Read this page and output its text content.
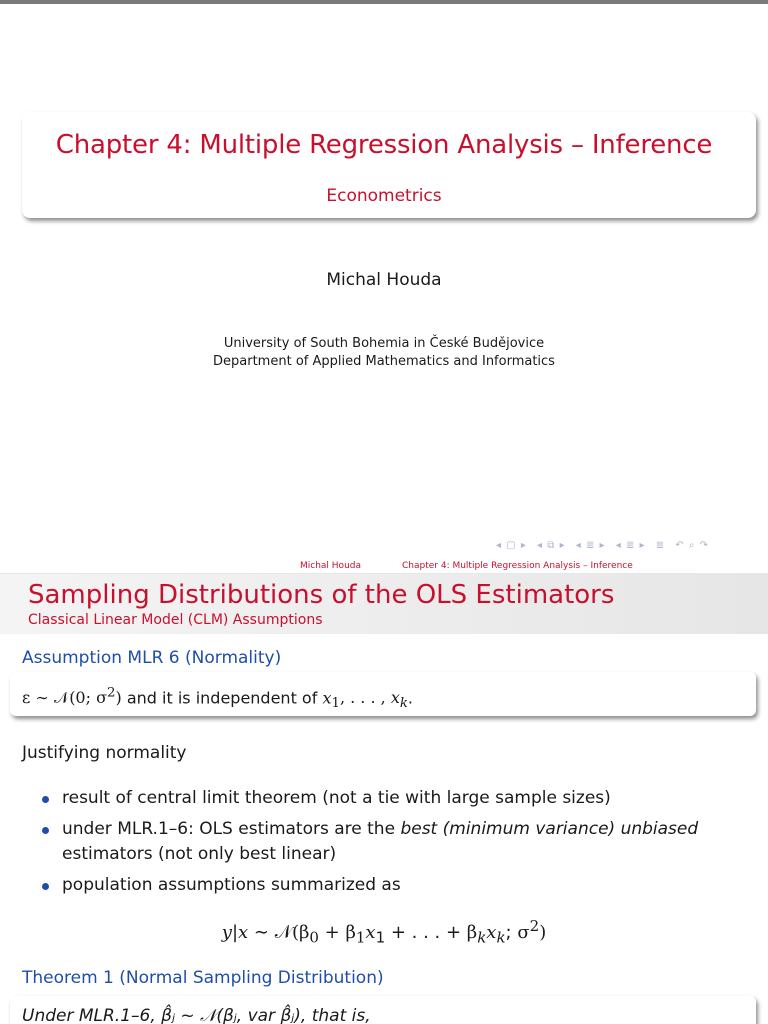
Chapter 4: Multiple Regression Analysis – Inference
Econometrics
Michal Houda
University of South Bohemia in České Budějovice
Department of Applied Mathematics and Informatics
◂ ▢ ▸ ◂ ⧉ ▸ ◂ ≣ ▸ ◂ ≣ ▸ ≣ ↶ ⌕ ↷
Michal Houda	Chapter 4: Multiple Regression Analysis – Inference
Sampling Distributions of the OLS Estimators
Classical Linear Model (CLM) Assumptions
Assumption MLR 6 (Normality)
ε ∼ 𝒩(0; $\sigma^2$) and it is independent of $x_1$, . . . , $x_k$.
Justifying normality
result of central limit theorem (not a tie with large sample sizes)
under MLR.1–6: OLS estimators are the best (minimum variance) unbiased estimators (not only best linear)
population assumptions summarized as
y|x ∼ $𝒩(\beta_0 + \beta_1x_1$ + . . . + $\beta_kx_k$; $\sigma^2$)
Theorem 1 (Normal Sampling Distribution)
Under MLR.1–6, β̂ⱼ ~ 𝒩(βⱼ, var β̂ⱼ), that is,
